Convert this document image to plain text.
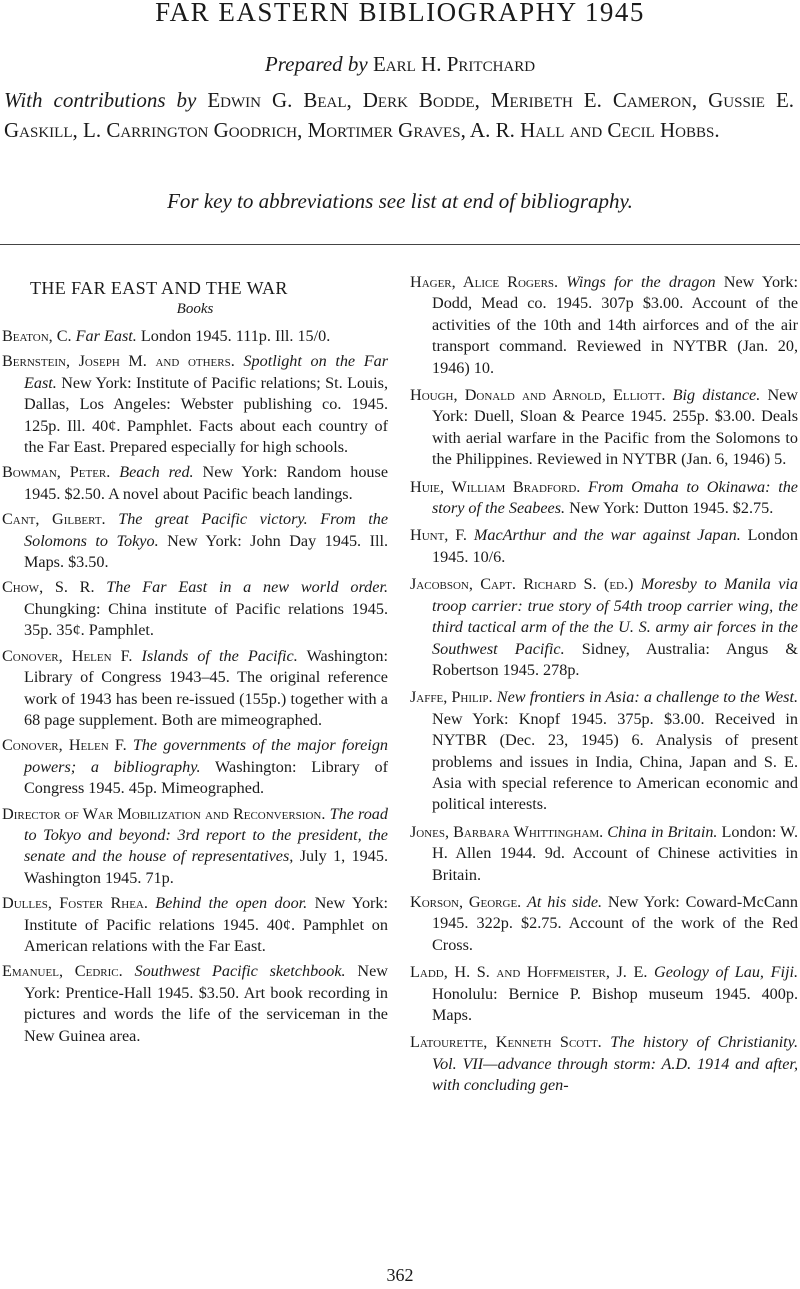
FAR EASTERN BIBLIOGRAPHY 1945
Prepared by Earl H. Pritchard
With contributions by Edwin G. Beal, Derk Bodde, Meribeth E. Cameron, Gussie E. Gaskill, L. Carrington Goodrich, Mortimer Graves, A. R. Hall and Cecil Hobbs.
For key to abbreviations see list at end of bibliography.
THE FAR EAST AND THE WAR
Books
Beaton, C. Far East. London 1945. 111p. Ill. 15/0.
Bernstein, Joseph M. and others. Spotlight on the Far East. New York: Institute of Pacific relations; St. Louis, Dallas, Los Angeles: Webster publishing co. 1945. 125p. Ill. 40¢. Pamphlet. Facts about each country of the Far East. Prepared especially for high schools.
Bowman, Peter. Beach red. New York: Random house 1945. $2.50. A novel about Pacific beach landings.
Cant, Gilbert. The great Pacific victory. From the Solomons to Tokyo. New York: John Day 1945. Ill. Maps. $3.50.
Chow, S. R. The Far East in a new world order. Chungking: China institute of Pacific relations 1945. 35p. 35¢. Pamphlet.
Conover, Helen F. Islands of the Pacific. Washington: Library of Congress 1943–45. The original reference work of 1943 has been re-issued (155p.) together with a 68 page supplement. Both are mimeographed.
Conover, Helen F. The governments of the major foreign powers; a bibliography. Washington: Library of Congress 1945. 45p. Mimeographed.
Director of War Mobilization and Reconversion. The road to Tokyo and beyond: 3rd report to the president, the senate and the house of representatives, July 1, 1945. Washington 1945. 71p.
Dulles, Foster Rhea. Behind the open door. New York: Institute of Pacific relations 1945. 40¢. Pamphlet on American relations with the Far East.
Emanuel, Cedric. Southwest Pacific sketchbook. New York: Prentice-Hall 1945. $3.50. Art book recording in pictures and words the life of the serviceman in the New Guinea area.
Hager, Alice Rogers. Wings for the dragon New York: Dodd, Mead co. 1945. 307p $3.00. Account of the activities of the 10th and 14th airforces and of the air transport command. Reviewed in NYTBR (Jan. 20, 1946) 10.
Hough, Donald and Arnold, Elliott. Big distance. New York: Duell, Sloan & Pearce 1945. 255p. $3.00. Deals with aerial warfare in the Pacific from the Solomons to the Philippines. Reviewed in NYTBR (Jan. 6, 1946) 5.
Huie, William Bradford. From Omaha to Okinawa: the story of the Seabees. New York: Dutton 1945. $2.75.
Hunt, F. MacArthur and the war against Japan. London 1945. 10/6.
Jacobson, Capt. Richard S. (ed.) Moresby to Manila via troop carrier: true story of 54th troop carrier wing, the third tactical arm of the the U. S. army air forces in the Southwest Pacific. Sidney, Australia: Angus & Robertson 1945. 278p.
Jaffe, Philip. New frontiers in Asia: a challenge to the West. New York: Knopf 1945. 375p. $3.00. Received in NYTBR (Dec. 23, 1945) 6. Analysis of present problems and issues in India, China, Japan and S. E. Asia with special reference to American economic and political interests.
Jones, Barbara Whittingham. China in Britain. London: W. H. Allen 1944. 9d. Account of Chinese activities in Britain.
Korson, George. At his side. New York: Coward-McCann 1945. 322p. $2.75. Account of the work of the Red Cross.
Ladd, H. S. and Hoffmeister, J. E. Geology of Lau, Fiji. Honolulu: Bernice P. Bishop museum 1945. 400p. Maps.
Latourette, Kenneth Scott. The history of Christianity. Vol. VII—advance through storm: A.D. 1914 and after, with concluding gen-
362
